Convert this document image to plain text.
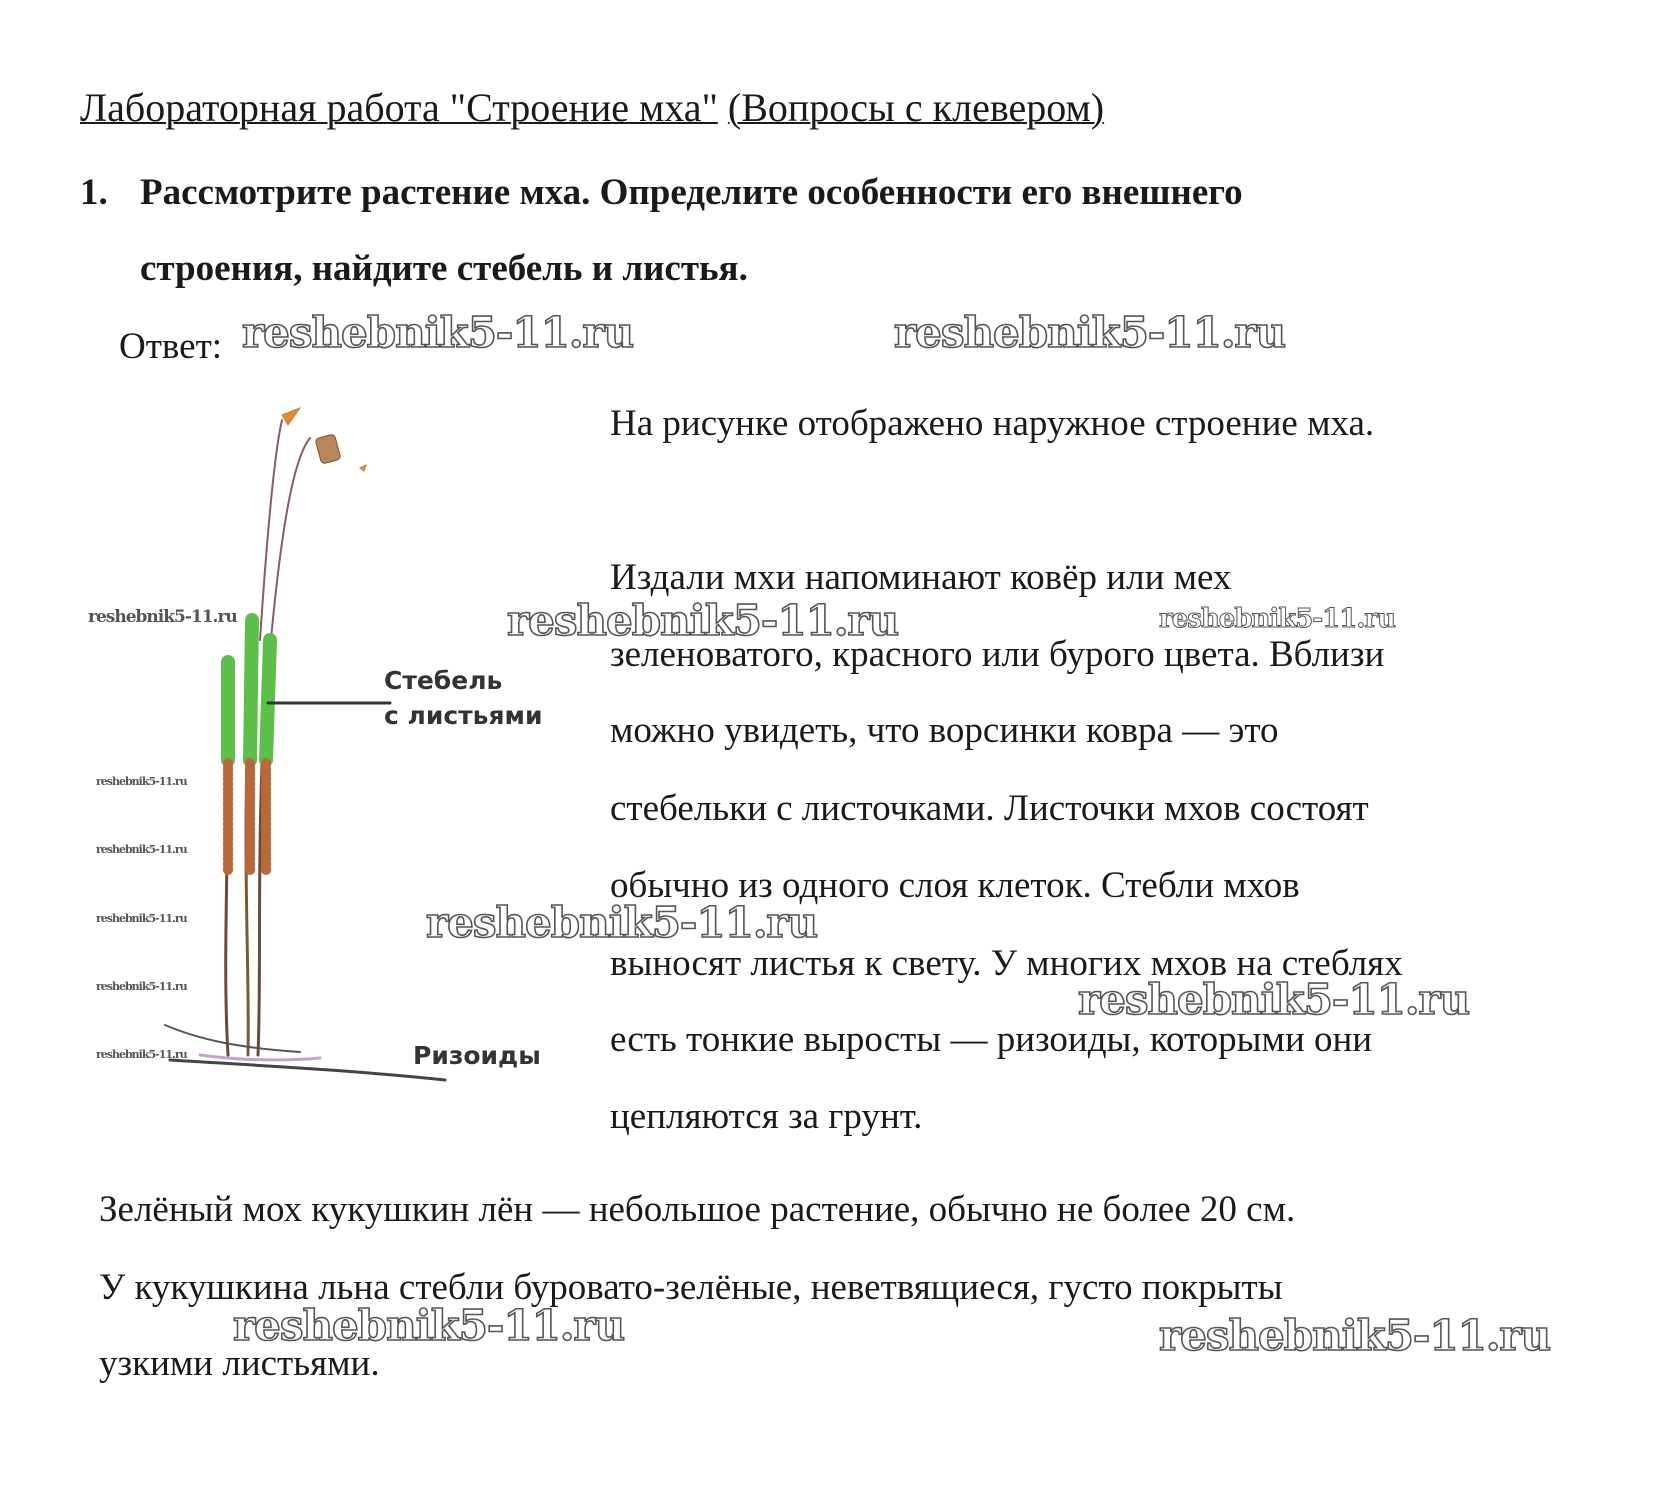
Лабораторная работа "Строение мха" (Вопросы с клевером)
1. Рассмотрите растение мха. Определите особенности его внешнего
строения, найдите стебель и листья.
Ответ:
Стебель
с листьями
Ризоиды
На рисунке отображено наружное строение мха.
Издали мхи напоминают ковёр или мех
зеленоватого, красного или бурого цвета. Вблизи
можно увидеть, что ворсинки ковра — это
стебельки с листочками. Листочки мхов состоят
обычно из одного слоя клеток. Стебли мхов
выносят листья к свету. У многих мхов на стеблях
есть тонкие выросты — ризоиды, которыми они
цепляются за грунт.
Зелёный мох кукушкин лён — небольшое растение, обычно не более 20 см.
У кукушкина льна стебли буровато-зелёные, неветвящиеся, густо покрыты
узкими листьями.
reshebnik5-11.ru	reshebnik5-11.ru
reshebnik5-11.ru	reshebnik5-11.ru
reshebnik5-11.ru
reshebnik5-11.ru
reshebnik5-11.ru	reshebnik5-11.ru
reshebnik5-11.ru
reshebnik5-11.ru
reshebnik5-11.ru
reshebnik5-11.ru
reshebnik5-11.ru
reshebnik5-11.ru
